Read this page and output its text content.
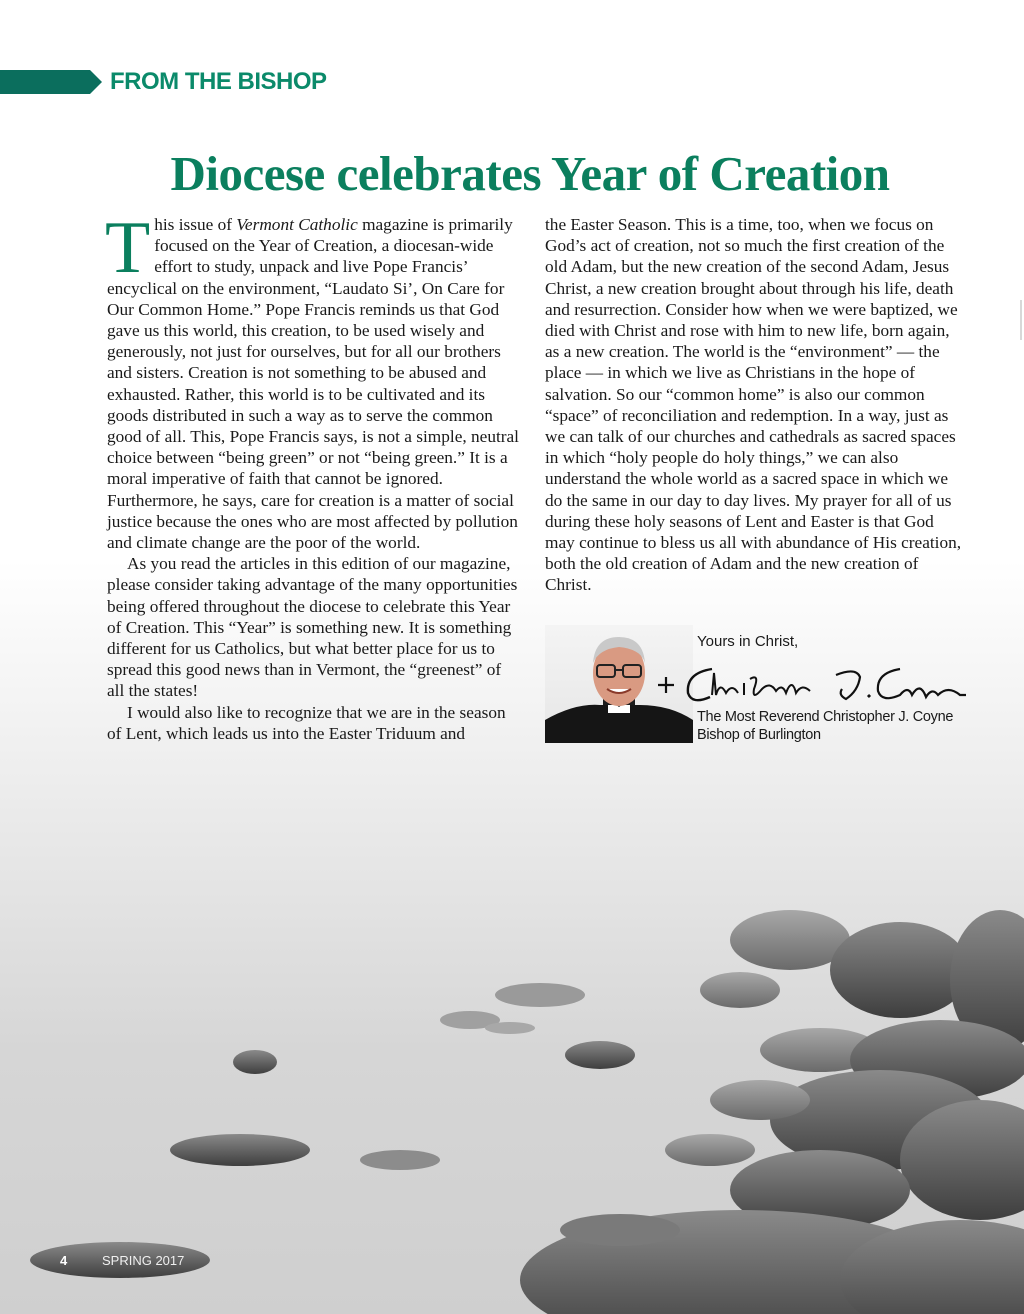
FROM THE BISHOP
Diocese celebrates Year of Creation

This issue of Vermont Catholic magazine is primarily focused on the Year of Creation, a diocesan-wide effort to study, unpack and live Pope Francis’ encyclical on the environment, “Laudato Si’, On Care for Our Common Home.” Pope Francis reminds us that God gave us this world, this creation, to be used wisely and generously, not just for ourselves, but for all our brothers and sisters. Creation is not something to be abused and exhausted. Rather, this world is to be cultivated and its goods distributed in such a way as to serve the common good of all. This, Pope Francis says, is not a simple, neutral choice between “being green” or not “being green.” It is a moral imperative of faith that cannot be ignored. Furthermore, he says, care for creation is a matter of social justice because the ones who are most affected by pollution and climate change are the poor of the world.

As you read the articles in this edition of our magazine, please consider taking advantage of the many opportunities being offered throughout the diocese to celebrate this Year of Creation. This “Year” is something new. It is something different for us Catholics, but what better place for us to spread this good news than in Vermont, the “greenest” of all the states!

I would also like to recognize that we are in the season of Lent, which leads us into the Easter Triduum and

the Easter Season. This is a time, too, when we focus on God’s act of creation, not so much the first creation of the old Adam, but the new creation of the second Adam, Jesus Christ, a new creation brought about through his life, death and resurrection. Consider how when we were baptized, we died with Christ and rose with him to new life, born again, as a new creation. The world is the “environment” — the place — in which we live as Christians in the hope of salvation. So our “common home” is also our common “space” of reconciliation and redemption. In a way, just as we can talk of our churches and cathedrals as sacred spaces in which “holy people do holy things,” we can also understand the whole world as a sacred space in which we do the same in our day to day lives. My prayer for all of us during these holy seasons of Lent and Easter is that God may continue to bless us all with abundance of His creation, both the old creation of Adam and the new creation of Christ.

Yours in Christ,
The Most Reverend Christopher J. Coyne
Bishop of Burlington
4	SPRING 2017
